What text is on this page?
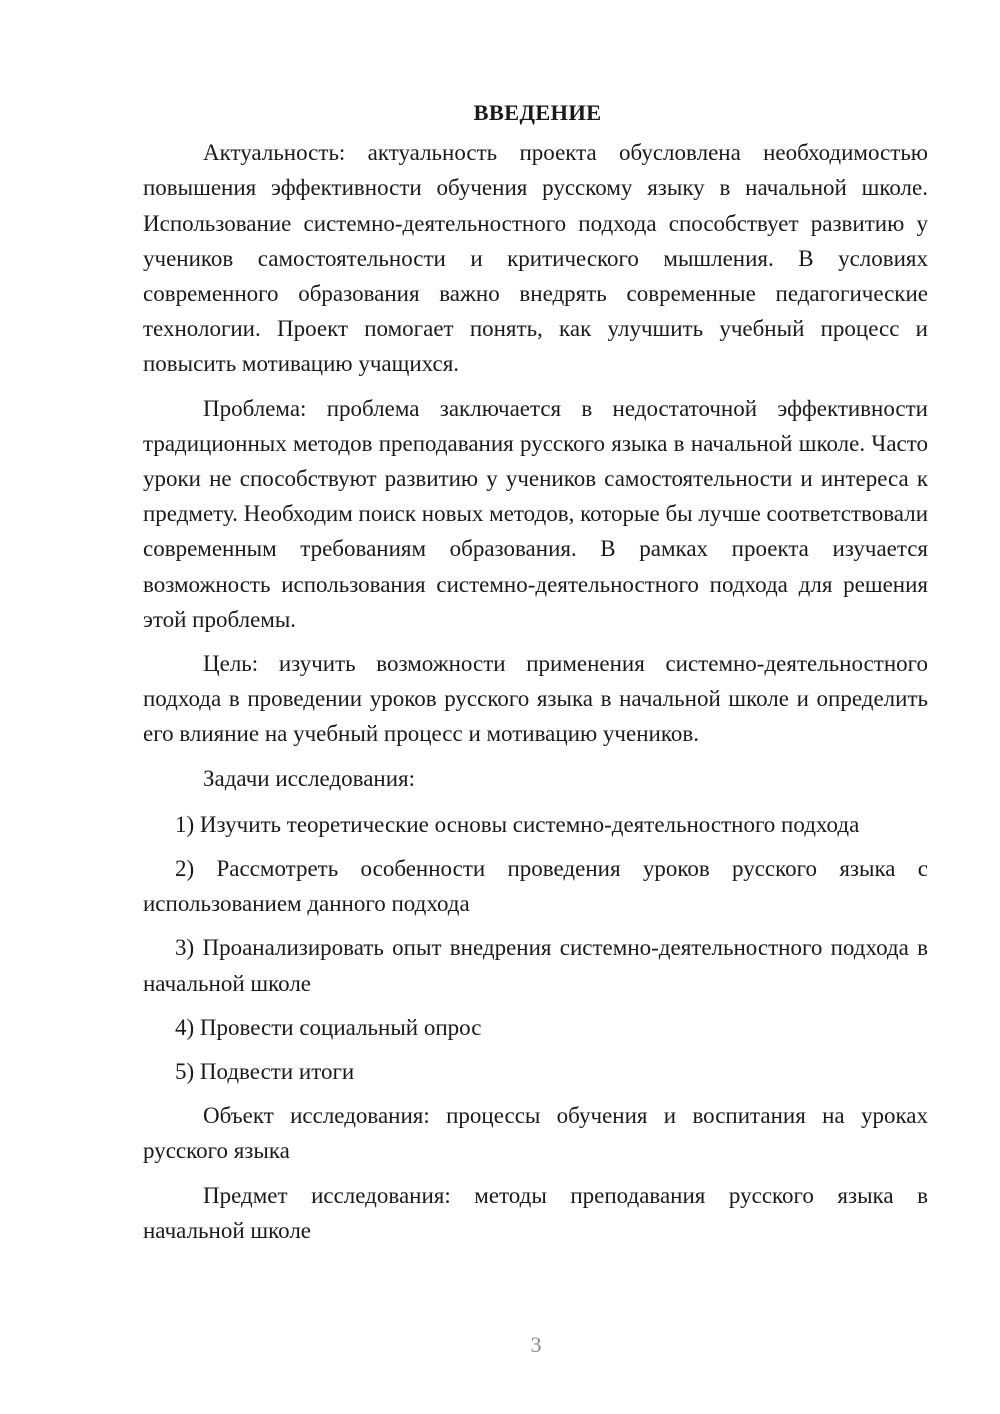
ВВЕДЕНИЕ

Актуальность: актуальность проекта обусловлена необходимостью повышения эффективности обучения русскому языку в начальной школе. Использование системно-деятельностного подхода способствует развитию у учеников самостоятельности и критического мышления. В условиях современного образования важно внедрять современные педагогические технологии. Проект помогает понять, как улучшить учебный процесс и повысить мотивацию учащихся.

Проблема: проблема заключается в недостаточной эффективности традиционных методов преподавания русского языка в начальной школе. Часто уроки не способствуют развитию у учеников самостоятельности и интереса к предмету. Необходим поиск новых методов, которые бы лучше соответствовали современным требованиям образования. В рамках проекта изучается возможность использования системно-деятельностного подхода для решения этой проблемы.

Цель: изучить возможности применения системно-деятельностного подхода в проведении уроков русского языка в начальной школе и определить его влияние на учебный процесс и мотивацию учеников.

Задачи исследования:

1) Изучить теоретические основы системно-деятельностного подхода

2) Рассмотреть особенности проведения уроков русского языка с использованием данного подхода

3) Проанализировать опыт внедрения системно-деятельностного подхода в начальной школе

4) Провести социальный опрос

5) Подвести итоги

Объект исследования: процессы обучения и воспитания на уроках русского языка

Предмет исследования: методы преподавания русского языка в начальной школе

3
